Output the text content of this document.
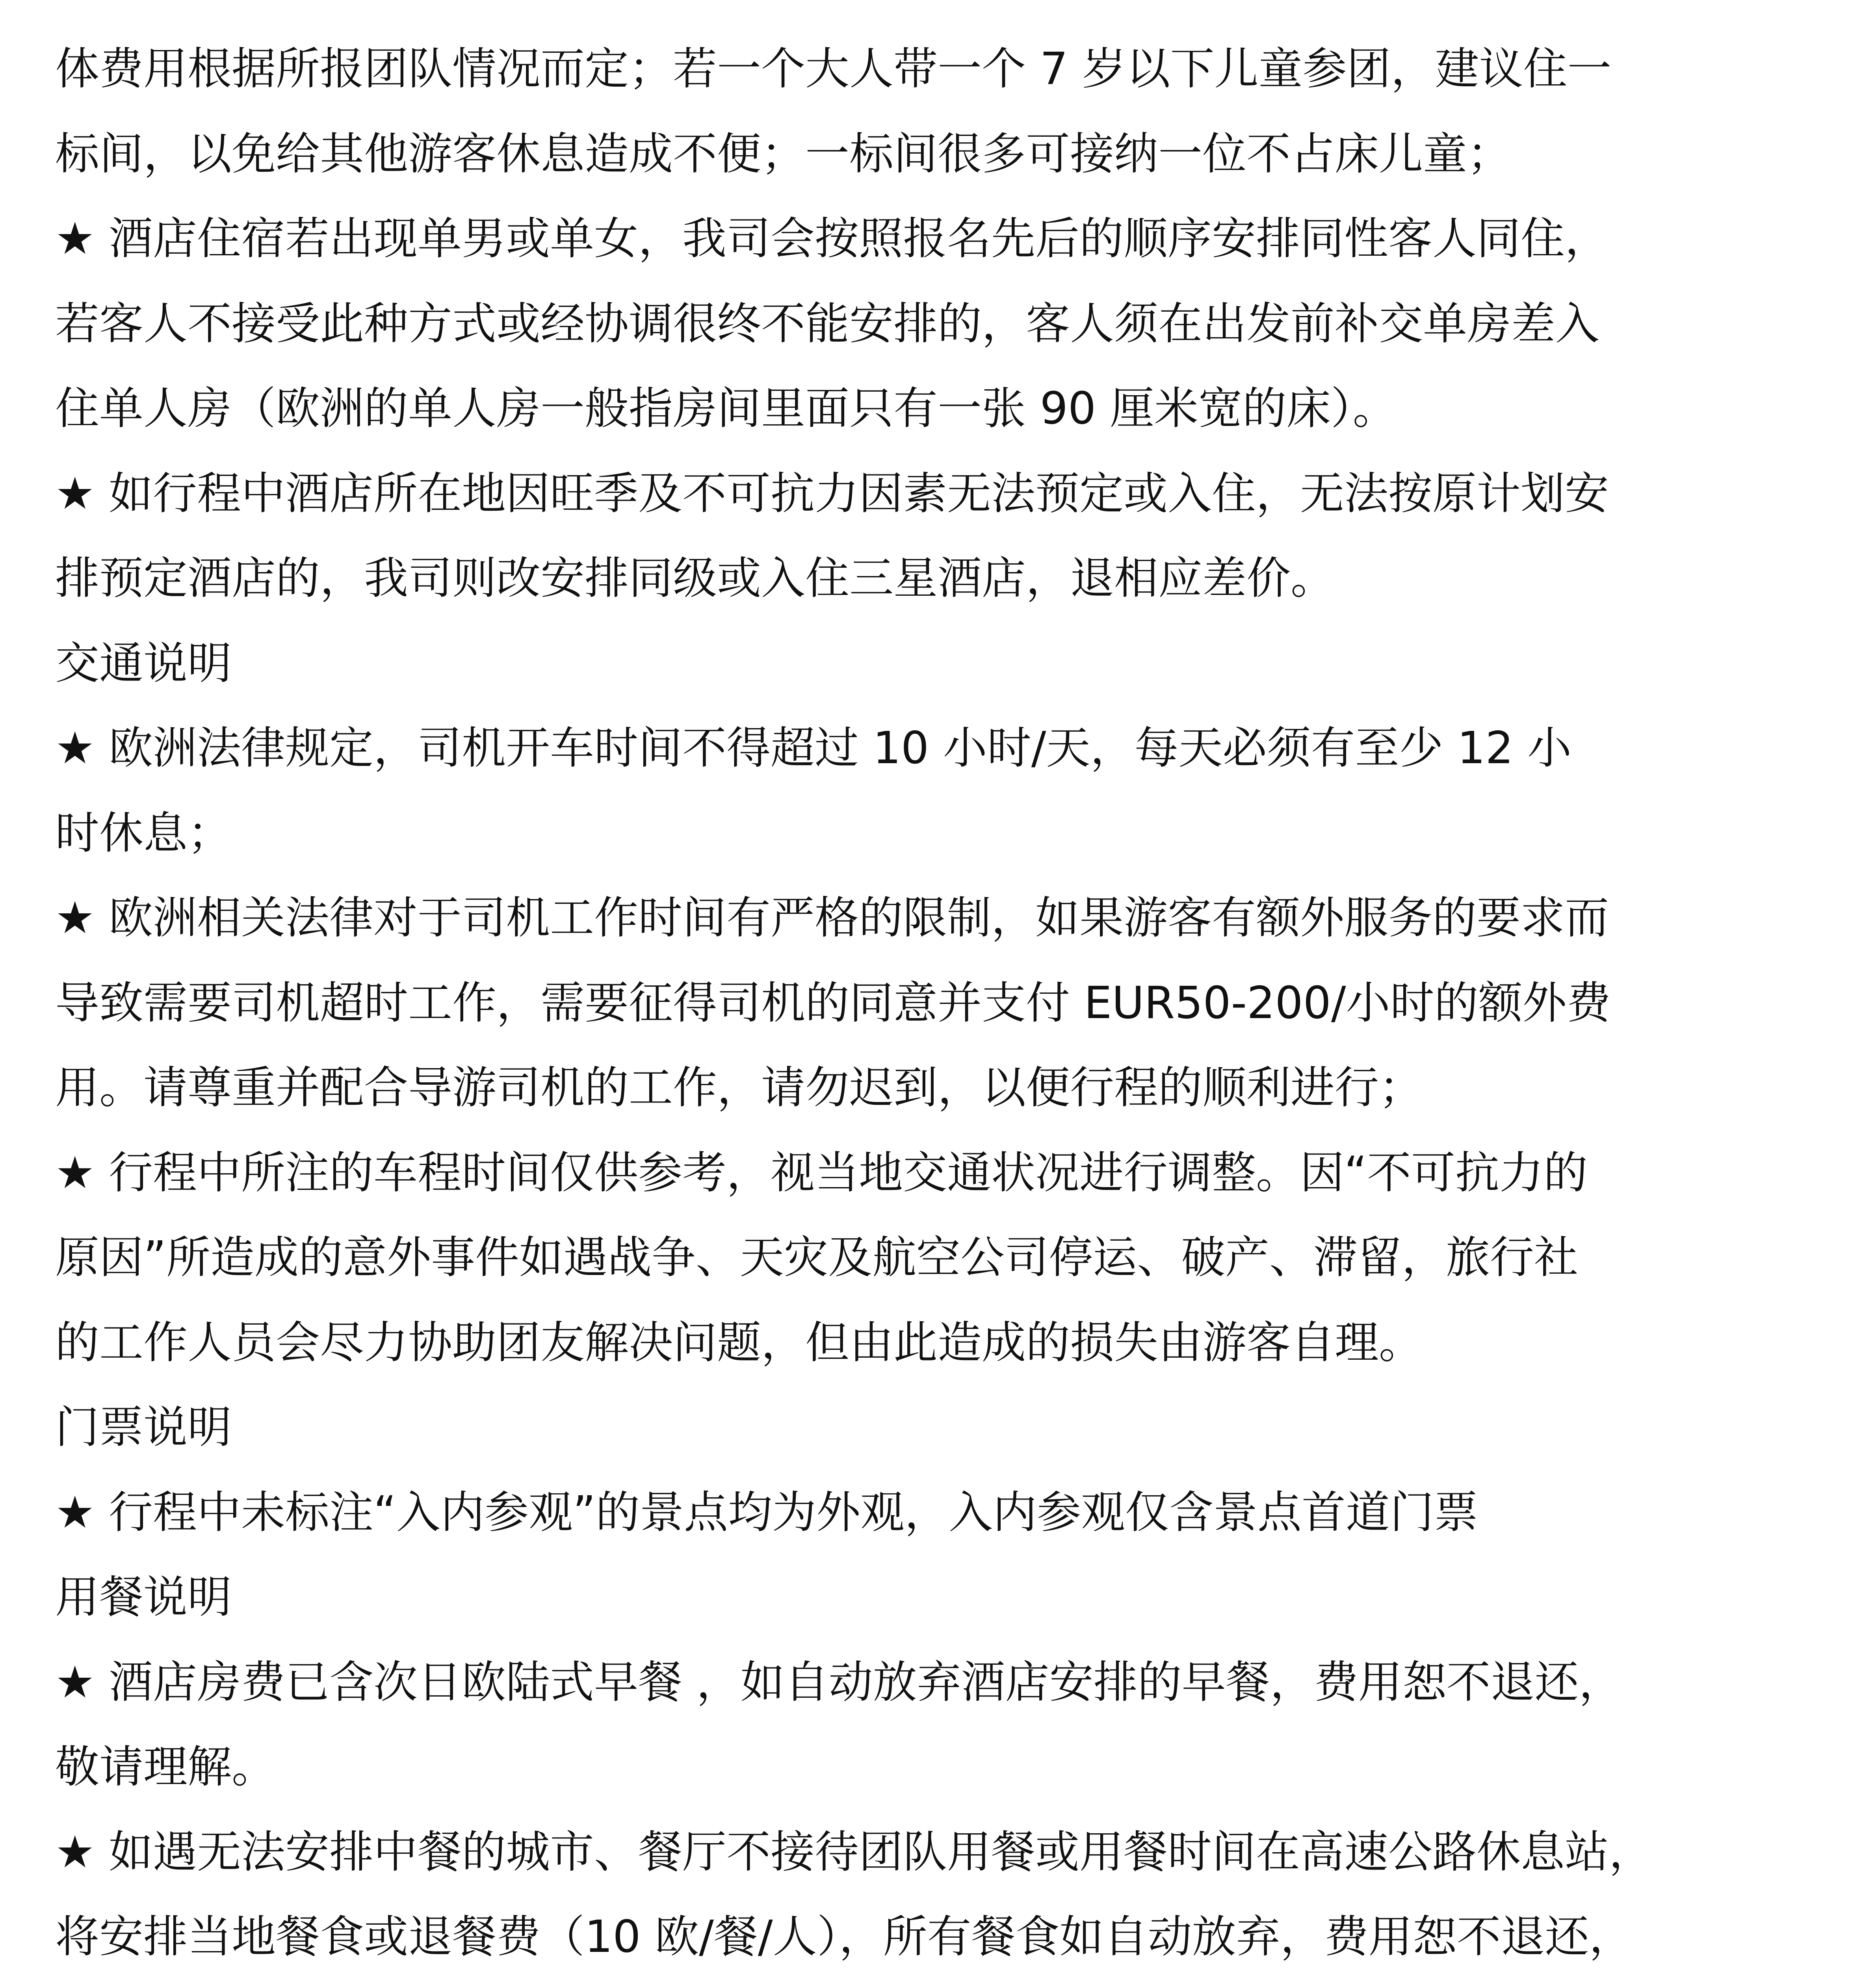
体费用根据所报团队情况而定；若一个大人带一个 7 岁以下儿童参团，建议住一
标间，以免给其他游客休息造成不便；一标间很多可接纳一位不占床儿童；
★ 酒店住宿若出现单男或单女，我司会按照报名先后的顺序安排同性客人同住，
若客人不接受此种方式或经协调很终不能安排的，客人须在出发前补交单房差入
住单人房（欧洲的单人房一般指房间里面只有一张 90 厘米宽的床）。
★ 如行程中酒店所在地因旺季及不可抗力因素无法预定或入住，无法按原计划安
排预定酒店的，我司则改安排同级或入住三星酒店，退相应差价。
交通说明
★ 欧洲法律规定，司机开车时间不得超过 10 小时/天，每天必须有至少 12 小
时休息；
★ 欧洲相关法律对于司机工作时间有严格的限制，如果游客有额外服务的要求而
导致需要司机超时工作，需要征得司机的同意并支付 EUR50-200/小时的额外费
用。请尊重并配合导游司机的工作，请勿迟到，以便行程的顺利进行；
★ 行程中所注的车程时间仅供参考，视当地交通状况进行调整。因“不可抗力的
原因”所造成的意外事件如遇战争、天灾及航空公司停运、破产、滞留，旅行社
的工作人员会尽力协助团友解决问题，但由此造成的损失由游客自理。
门票说明
★ 行程中未标注“入内参观”的景点均为外观，入内参观仅含景点首道门票
用餐说明
★ 酒店房费已含次日欧陆式早餐 ，如自动放弃酒店安排的早餐，费用恕不退还，
敬请理解。
★ 如遇无法安排中餐的城市、餐厅不接待团队用餐或用餐时间在高速公路休息站，
将安排当地餐食或退餐费（10 欧/餐/人），所有餐食如自动放弃，费用恕不退还，
